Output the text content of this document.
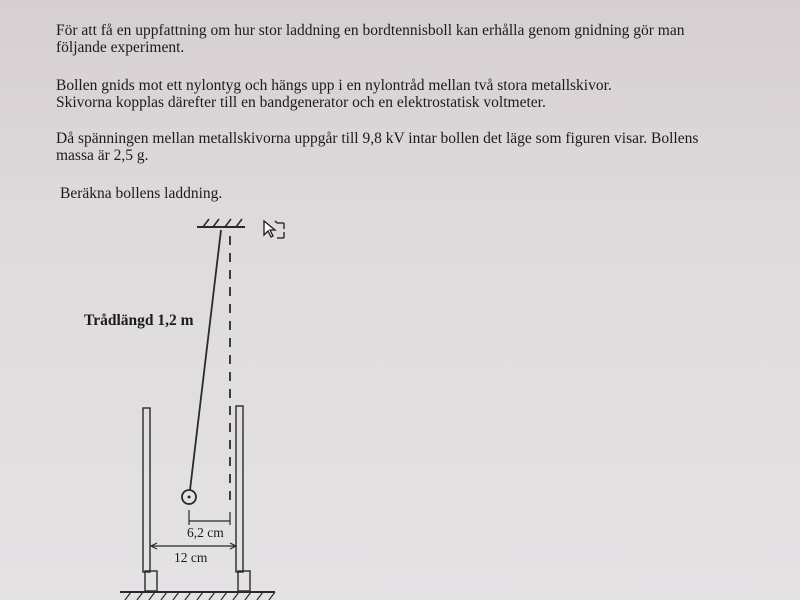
För att få en uppfattning om hur stor laddning en bordtennisboll kan erhålla genom gnidning gör man
följande experiment.

Bollen gnids mot ett nylontyg och hängs upp i en nylontråd mellan två stora metallskivor.
Skivorna kopplas därefter till en bandgenerator och en elektrostatisk voltmeter.

Då spänningen mellan metallskivorna uppgår till 9,8 kV intar bollen det läge som figuren visar. Bollens
massa är 2,5 g.

Beräkna bollens laddning.

Trådlängd 1,2 m
6,2 cm
12 cm
